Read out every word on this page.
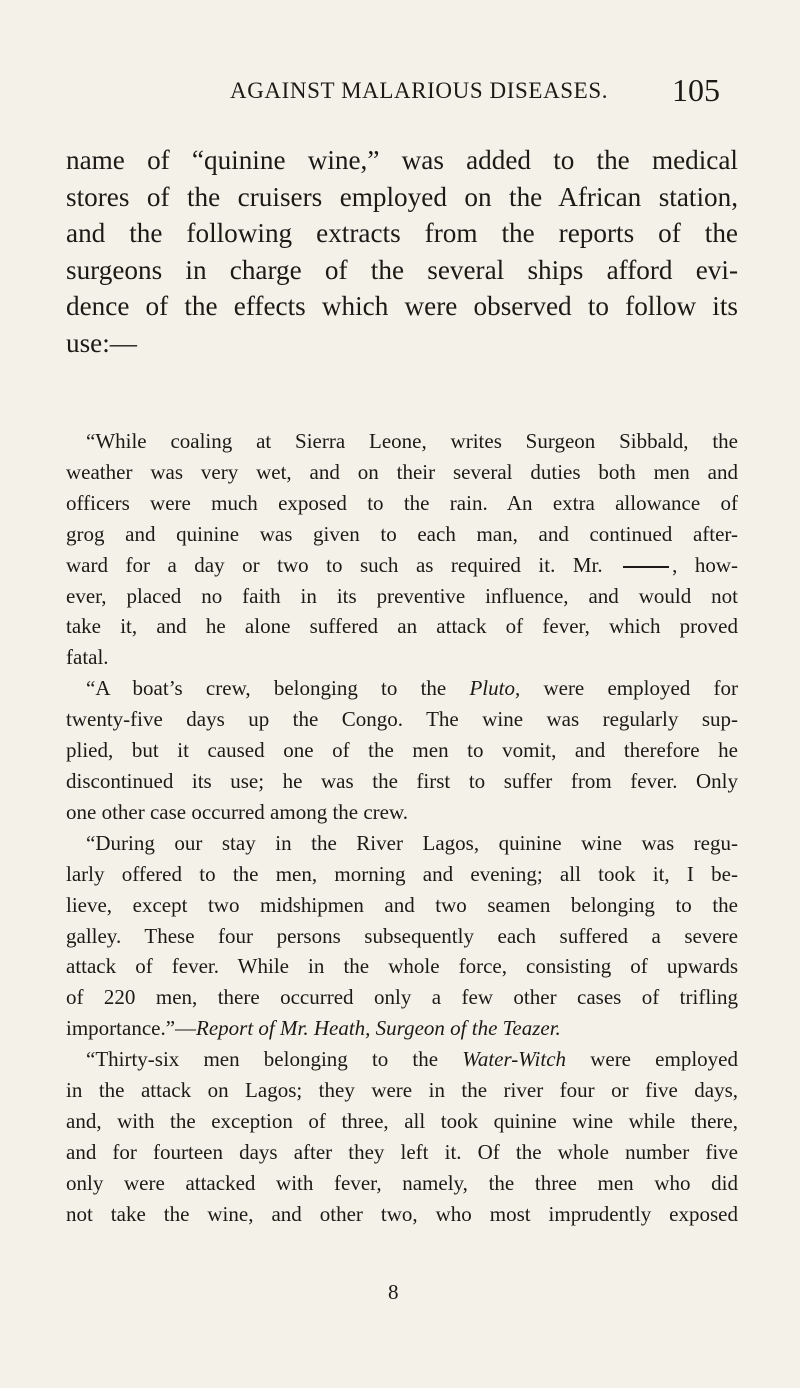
AGAINST MALARIOUS DISEASES. 105
name of “quinine wine,” was added to the medical
stores of the cruisers employed on the African station,
and the following extracts from the reports of the
surgeons in charge of the several ships afford evi-
dence of the effects which were observed to follow its
use:—
“While coaling at Sierra Leone, writes Surgeon Sibbald, the
weather was very wet, and on their several duties both men and
officers were much exposed to the rain. An extra allowance of
grog and quinine was given to each man, and continued after-
ward for a day or two to such as required it. Mr.	, how-
ever, placed no faith in its preventive influence, and would not
take it, and he alone suffered an attack of fever, which proved
fatal.
“A boat’s crew, belonging to the Pluto, were employed for
twenty-five days up the Congo. The wine was regularly sup-
plied, but it caused one of the men to vomit, and therefore he
discontinued its use; he was the first to suffer from fever. Only
one other case occurred among the crew.
“During our stay in the River Lagos, quinine wine was regu-
larly offered to the men, morning and evening; all took it, I be-
lieve, except two midshipmen and two seamen belonging to the
galley. These four persons subsequently each suffered a severe
attack of fever. While in the whole force, consisting of upwards
of 220 men, there occurred only a few other cases of trifling
importance.”—Report of Mr. Heath, Surgeon of the Teazer.
“Thirty-six men belonging to the Water-Witch were employed
in the attack on Lagos; they were in the river four or five days,
and, with the exception of three, all took quinine wine while there,
and for fourteen days after they left it. Of the whole number five
only were attacked with fever, namely, the three men who did
not take the wine, and other two, who most imprudently exposed
8
